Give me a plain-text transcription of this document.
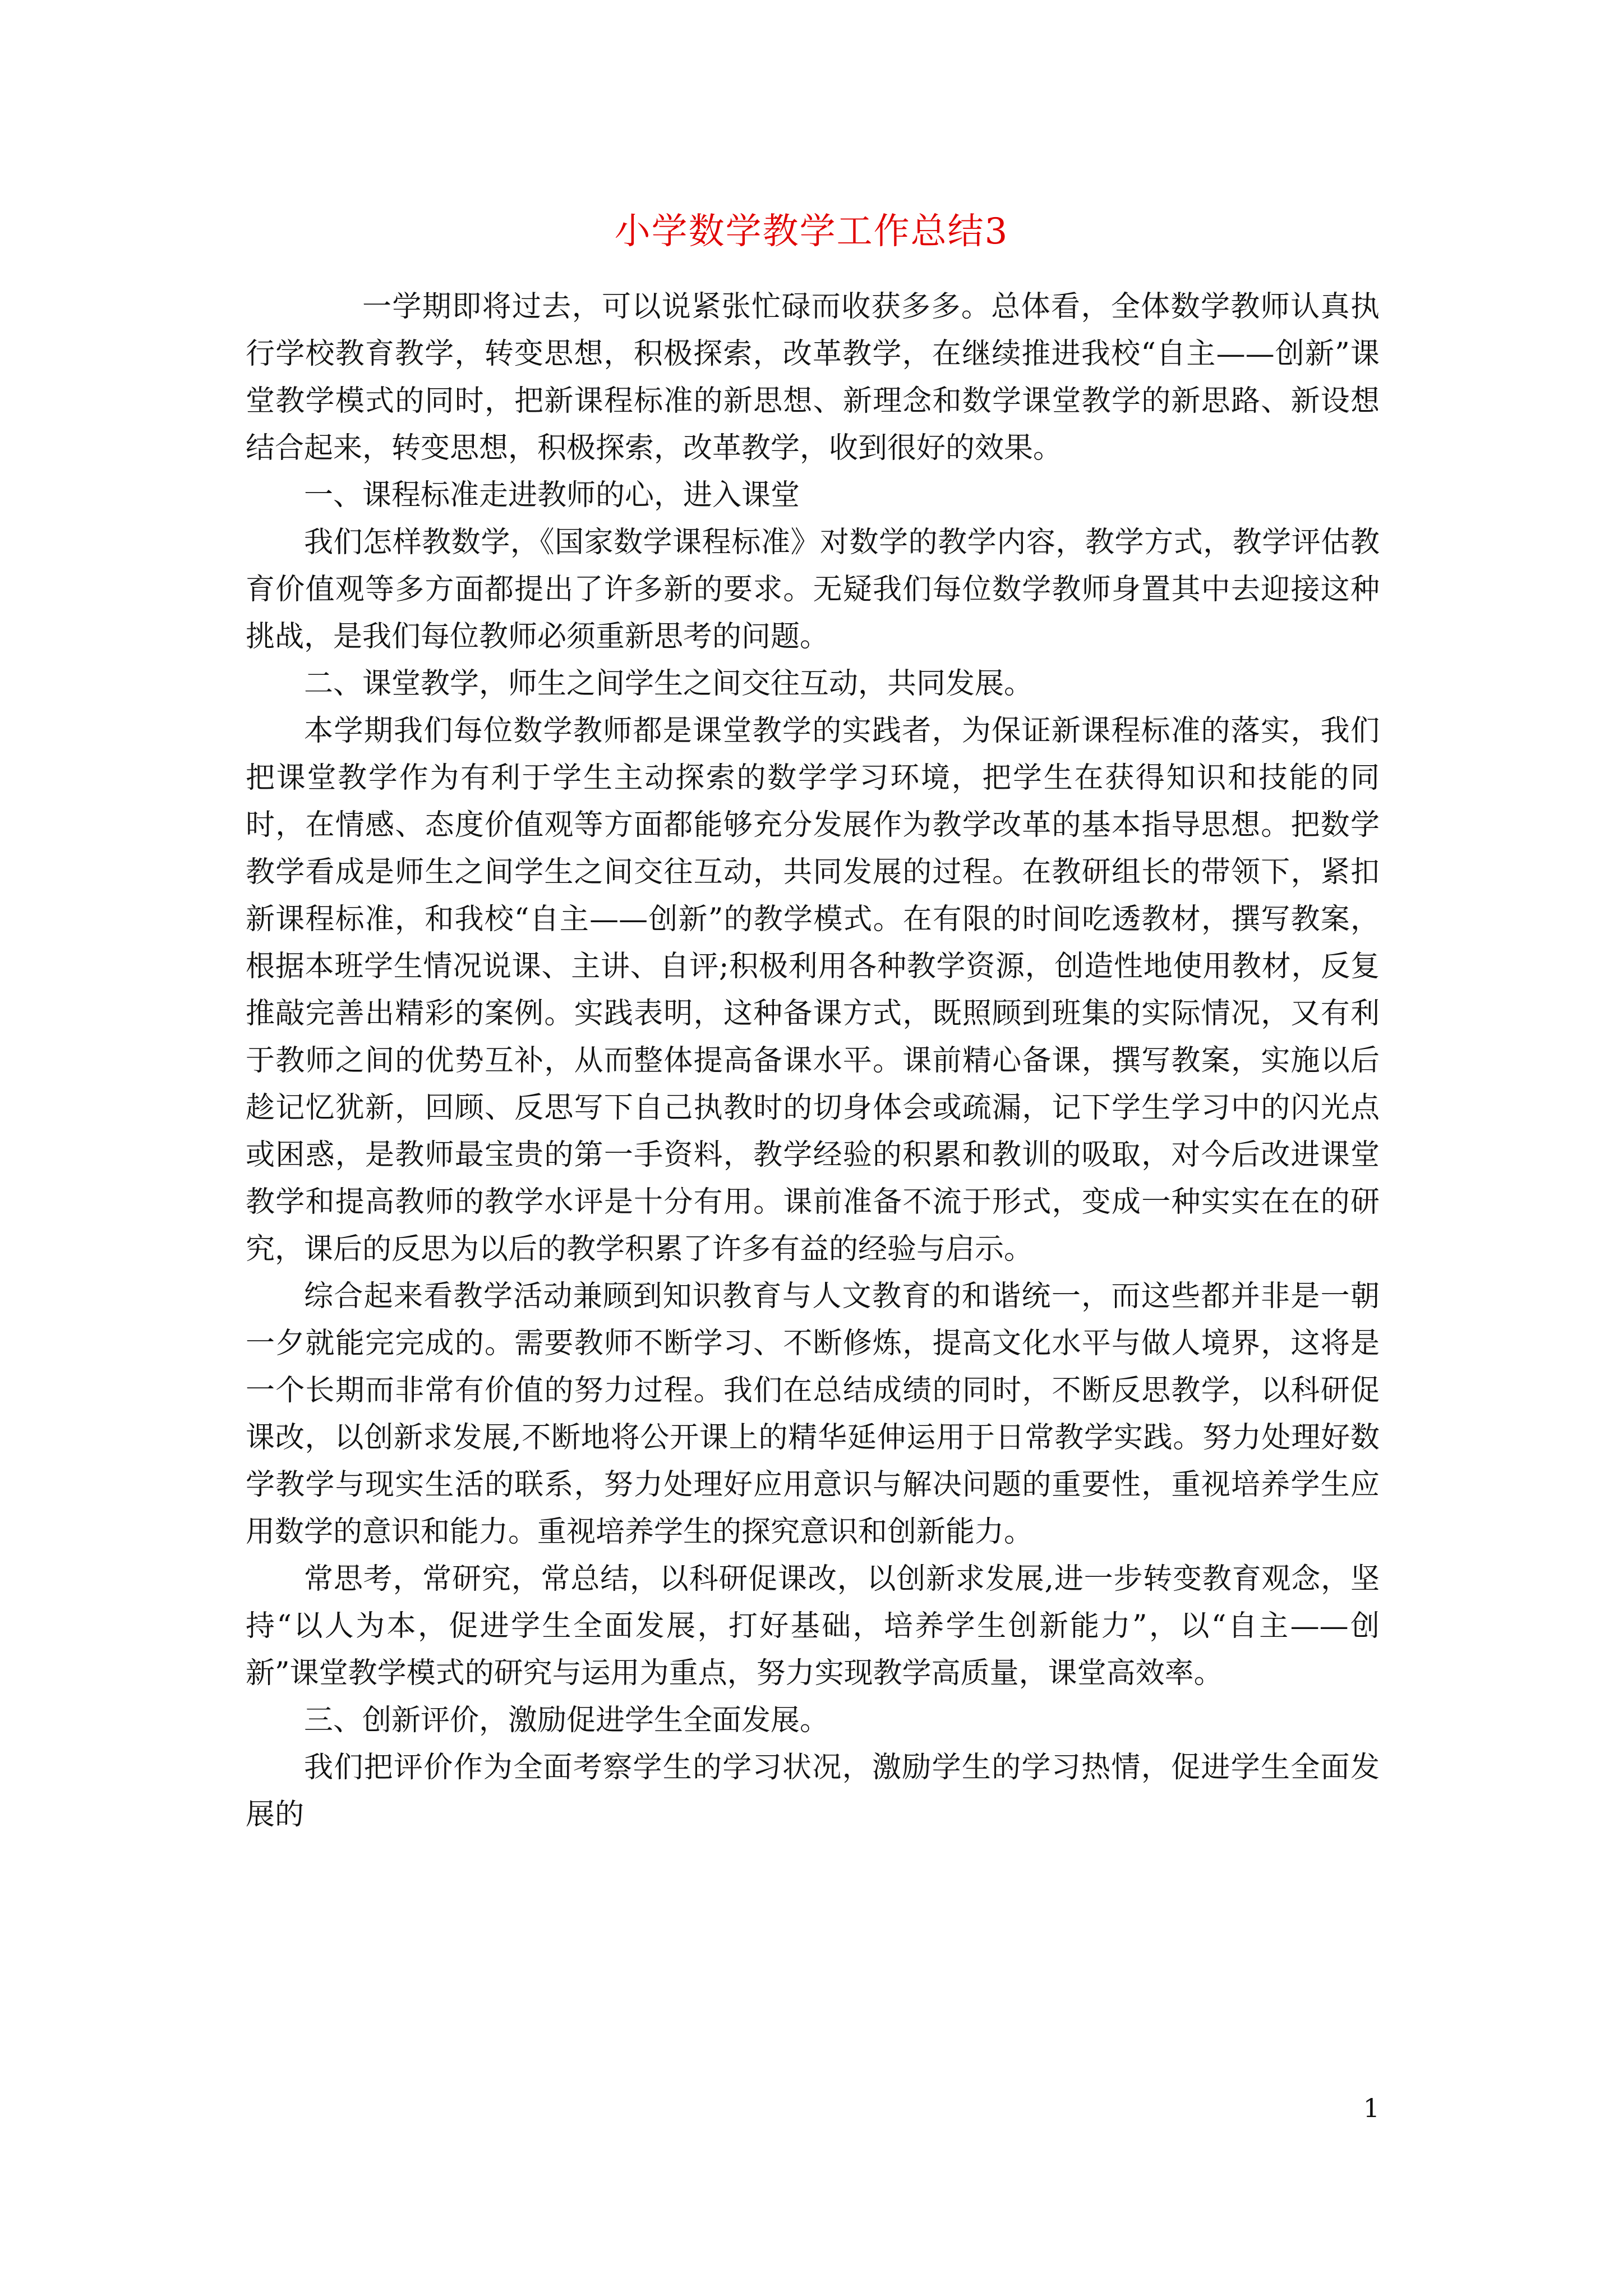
小学数学教学工作总结3

一学期即将过去，可以说紧张忙碌而收获多多。总体看，全体数学教师认真执行学校教育教学，转变思想，积极探索，改革教学，在继续推进我校“自主——创新”课堂教学模式的同时，把新课程标准的新思想、新理念和数学课堂教学的新思路、新设想结合起来，转变思想，积极探索，改革教学，收到很好的效果。

一、课程标准走进教师的心，进入课堂

我们怎样教数学，《国家数学课程标准》对数学的教学内容，教学方式，教学评估教育价值观等多方面都提出了许多新的要求。无疑我们每位数学教师身置其中去迎接这种挑战，是我们每位教师必须重新思考的问题。

二、课堂教学，师生之间学生之间交往互动，共同发展。

本学期我们每位数学教师都是课堂教学的实践者，为保证新课程标准的落实，我们把课堂教学作为有利于学生主动探索的数学学习环境，把学生在获得知识和技能的同时，在情感、态度价值观等方面都能够充分发展作为教学改革的基本指导思想。把数学教学看成是师生之间学生之间交往互动，共同发展的过程。在教研组长的带领下，紧扣新课程标准，和我校“自主——创新”的教学模式。在有限的时间吃透教材，撰写教案，根据本班学生情况说课、主讲、自评;积极利用各种教学资源，创造性地使用教材，反复推敲完善出精彩的案例。实践表明，这种备课方式，既照顾到班集的实际情况，又有利于教师之间的优势互补，从而整体提高备课水平。课前精心备课，撰写教案，实施以后趁记忆犹新，回顾、反思写下自己执教时的切身体会或疏漏，记下学生学习中的闪光点或困惑，是教师最宝贵的第一手资料，教学经验的积累和教训的吸取，对今后改进课堂教学和提高教师的教学水评是十分有用。课前准备不流于形式，变成一种实实在在的研究，课后的反思为以后的教学积累了许多有益的经验与启示。

综合起来看教学活动兼顾到知识教育与人文教育的和谐统一，而这些都并非是一朝一夕就能完完成的。需要教师不断学习、不断修炼，提高文化水平与做人境界，这将是一个长期而非常有价值的努力过程。我们在总结成绩的同时，不断反思教学，以科研促课改，以创新求发展,不断地将公开课上的精华延伸运用于日常教学实践。努力处理好数学教学与现实生活的联系，努力处理好应用意识与解决问题的重要性，重视培养学生应用数学的意识和能力。重视培养学生的探究意识和创新能力。

常思考，常研究，常总结，以科研促课改，以创新求发展,进一步转变教育观念，坚持“以人为本，促进学生全面发展，打好基础，培养学生创新能力”，以“自主——创新”课堂教学模式的研究与运用为重点，努力实现教学高质量，课堂高效率。

三、创新评价，激励促进学生全面发展。

我们把评价作为全面考察学生的学习状况，激励学生的学习热情，促进学生全面发展的

1
